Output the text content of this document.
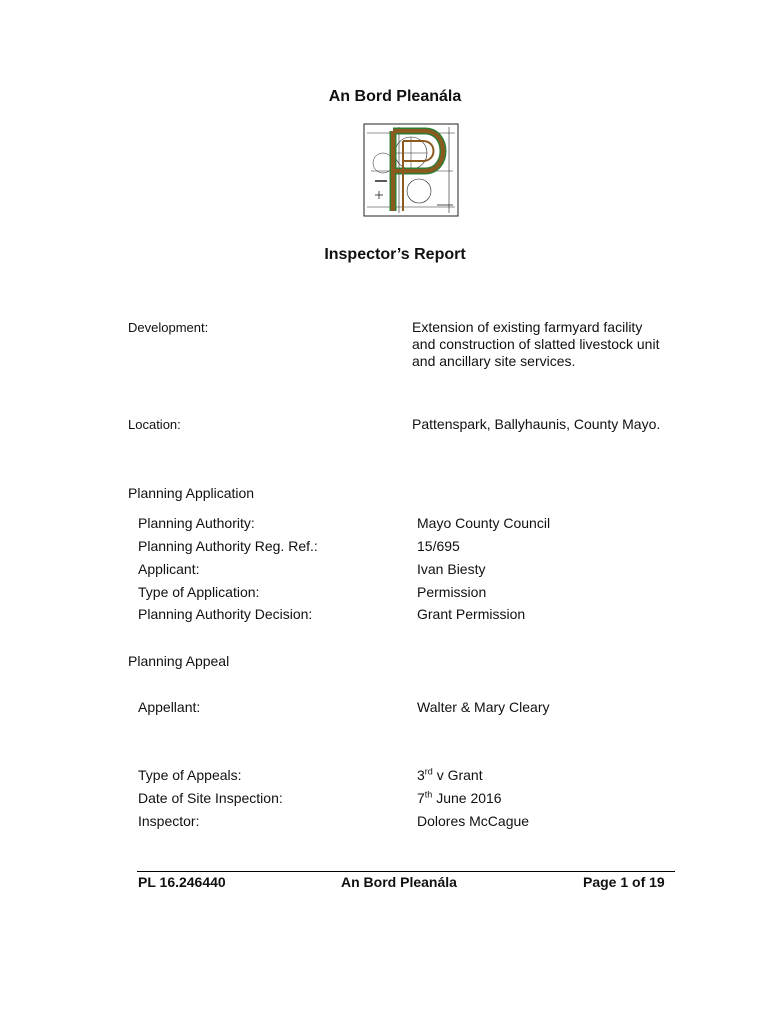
An Bord Pleanála
Inspector’s Report
Development:	Extension of existing farmyard facility and construction of slatted livestock unit and ancillary site services.
Location:	Pattenspark, Ballyhaunis, County Mayo.
Planning Application
Planning Authority:	Mayo County Council
Planning Authority Reg. Ref.:	15/695
Applicant:	Ivan Biesty
Type of Application:	Permission
Planning Authority Decision:	Grant Permission
Planning Appeal
Appellant:	Walter & Mary Cleary
Type of Appeals:	3rd v Grant
Date of Site Inspection:	7th June 2016
Inspector:	Dolores McCague
PL 16.246440	An Bord Pleanála	Page 1 of 19
